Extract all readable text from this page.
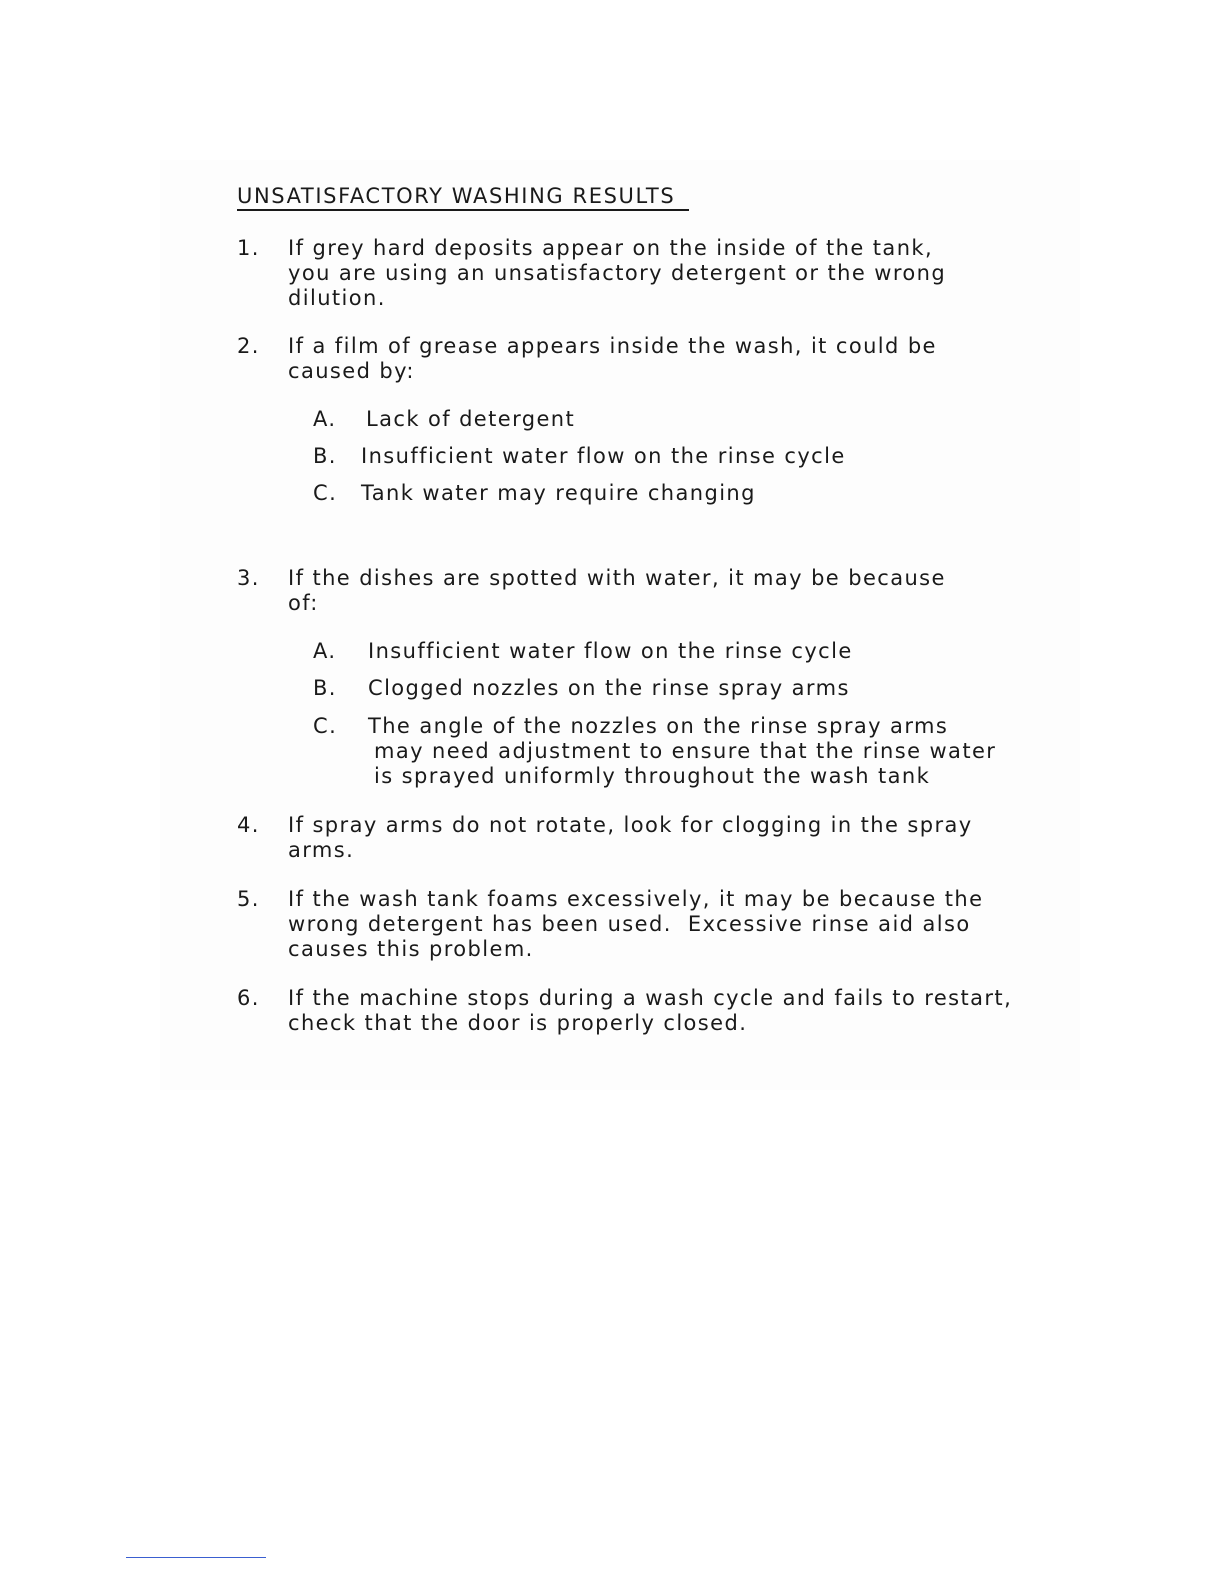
UNSATISFACTORY WASHING RESULTS
1.	If grey hard deposits appear on the inside of the tank,
you are using an unsatisfactory detergent or the wrong
dilution.
2.	If a film of grease appears inside the wash, it could be
caused by:
A. Lack of detergent
B. Insufficient water flow on the rinse cycle
C. Tank water may require changing
3.	If the dishes are spotted with water, it may be because
of:
A. Insufficient water flow on the rinse cycle
B. Clogged nozzles on the rinse spray arms
C. The angle of the nozzles on the rinse spray arms
may need adjustment to ensure that the rinse water
is sprayed uniformly throughout the wash tank
4.	If spray arms do not rotate, look for clogging in the spray
arms.
5.	If the wash tank foams excessively, it may be because the
wrong detergent has been used.  Excessive rinse aid also
causes this problem.
6.	If the machine stops during a wash cycle and fails to restart,
check that the door is properly closed.
